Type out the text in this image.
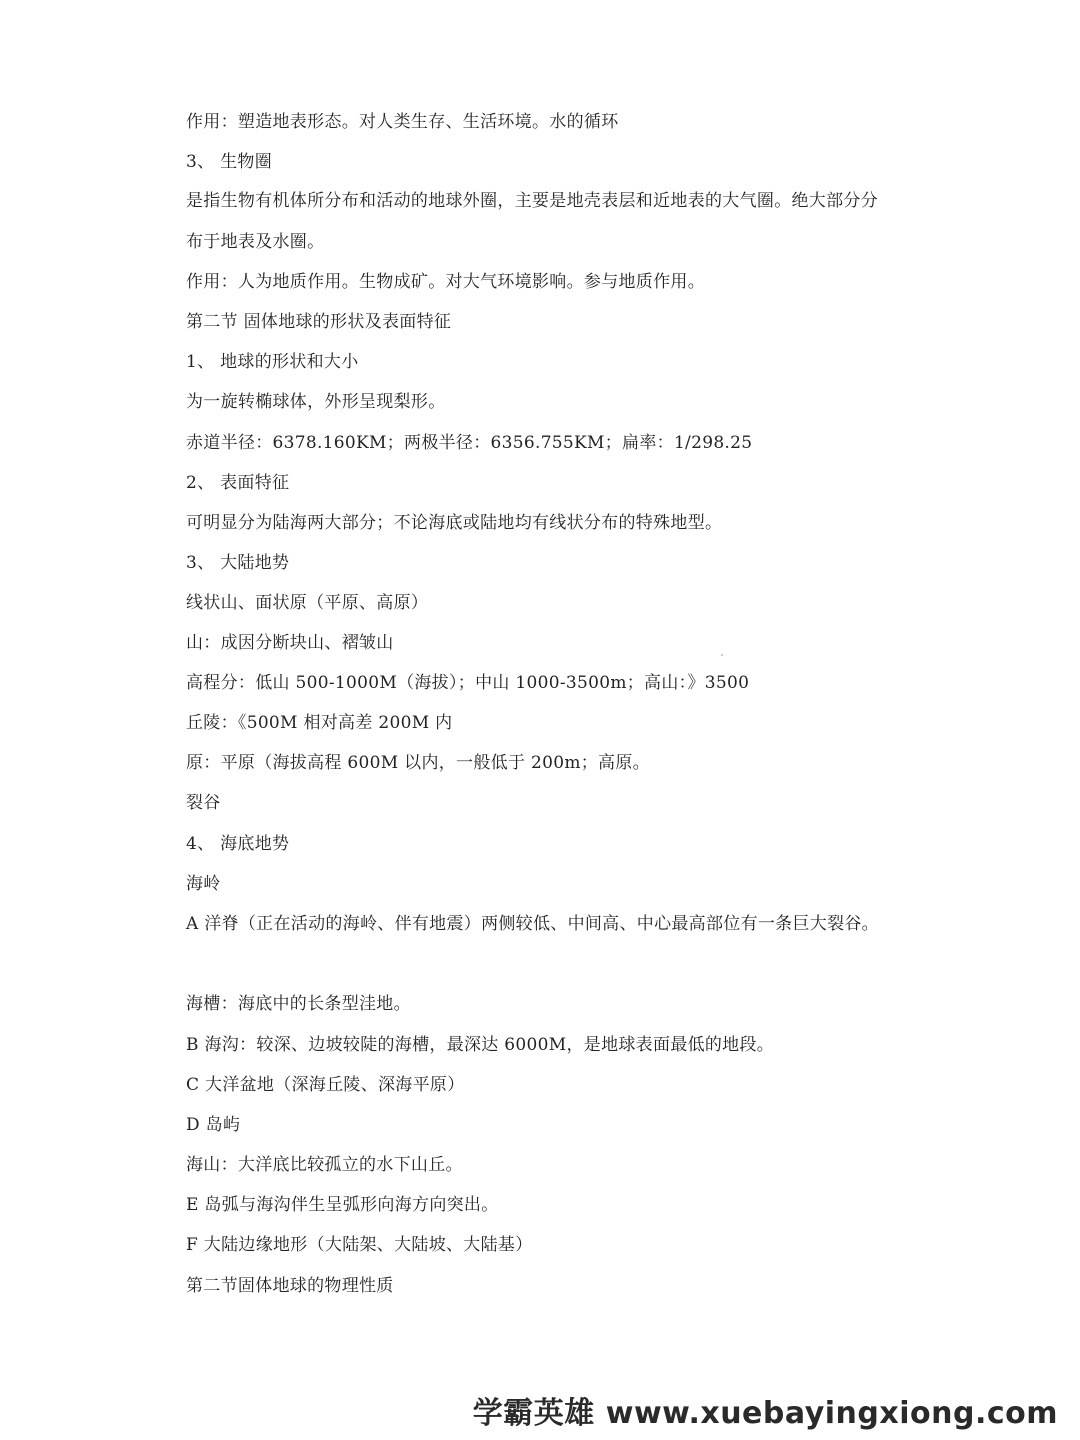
作用：塑造地表形态。对人类生存、生活环境。水的循环
3、 生物圈
是指生物有机体所分布和活动的地球外圈，主要是地壳表层和近地表的大气圈。绝大部分分
布于地表及水圈。
作用：人为地质作用。生物成矿。对大气环境影响。参与地质作用。
第二节 固体地球的形状及表面特征
1、 地球的形状和大小
为一旋转椭球体，外形呈现梨形。
赤道半径：6378.160KM；两极半径：6356.755KM；扁率：1/298.25
2、 表面特征
可明显分为陆海两大部分；不论海底或陆地均有线状分布的特殊地型。
3、 大陆地势
线状山、面状原（平原、高原）
山：成因分断块山、褶皱山
高程分：低山 500-1000M（海拔）；中山 1000-3500m；高山：》3500
丘陵：《500M 相对高差 200M 内
原：平原（海拔高程 600M 以内，一般低于 200m；高原。
裂谷
4、 海底地势
海岭
A 洋脊（正在活动的海岭、伴有地震）两侧较低、中间高、中心最高部位有一条巨大裂谷。
海槽：海底中的长条型洼地。
B 海沟：较深、边坡较陡的海槽，最深达 6000M，是地球表面最低的地段。
C 大洋盆地（深海丘陵、深海平原）
D 岛屿
海山：大洋底比较孤立的水下山丘。
E 岛弧与海沟伴生呈弧形向海方向突出。
F 大陆边缘地形（大陆架、大陆坡、大陆基）
第二节固体地球的物理性质
学霸英雄 www.xuebayingxiong.com
